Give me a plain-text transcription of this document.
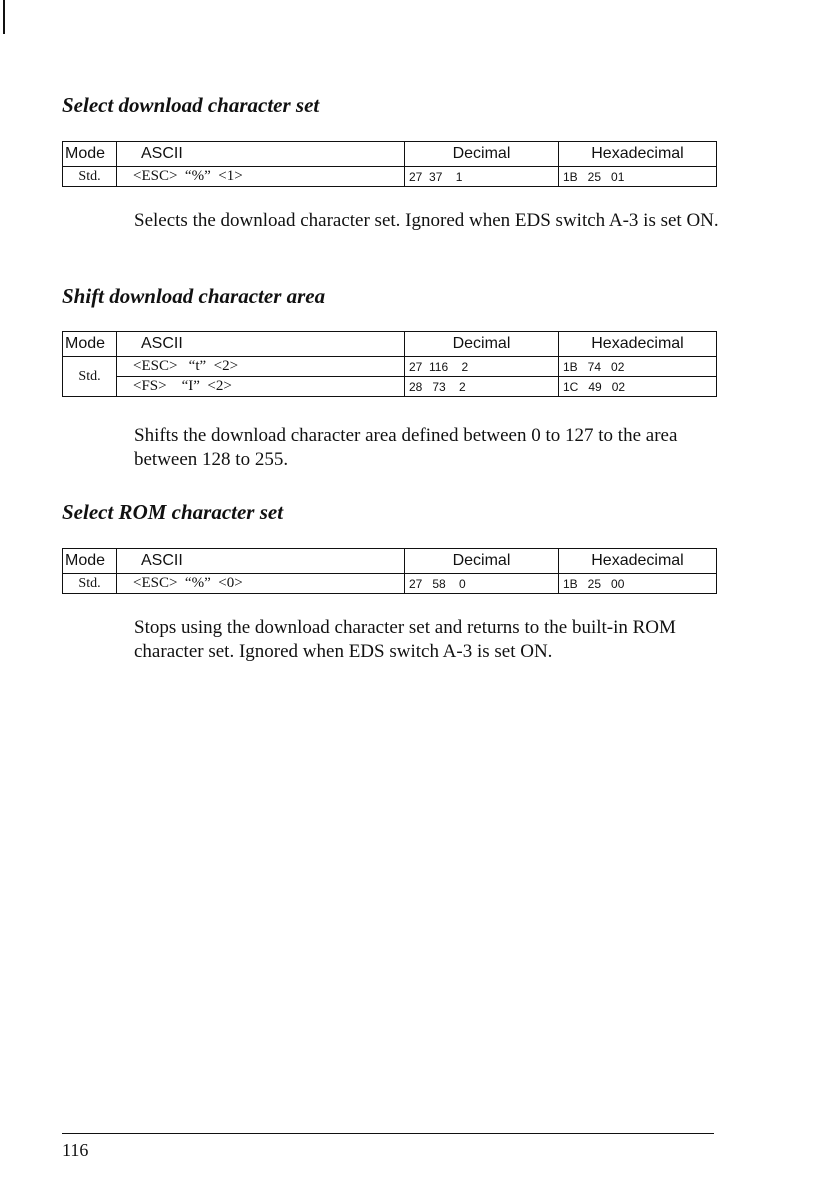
Select download character set
Mode	ASCII	Decimal	Hexadecimal
Std.	<ESC>  “%”  <1>	27  37    1	1B   25   01

Selects the download character set. Ignored when EDS switch A-3 is set ON.

Shift download character area
Mode	ASCII	Decimal	Hexadecimal
Std.	<ESC>   “t”  <2>	27  116    2	1B   74   02
	<FS>    “I”  <2>	28   73    2	1C   49   02

Shifts the download character area defined between 0 to 127 to the area between 128 to 255.

Select ROM character set
Mode	ASCII	Decimal	Hexadecimal
Std.	<ESC>  “%”  <0>	27   58    0	1B   25   00

Stops using the download character set and returns to the built-in ROM character set. Ignored when EDS switch A-3 is set ON.

116
